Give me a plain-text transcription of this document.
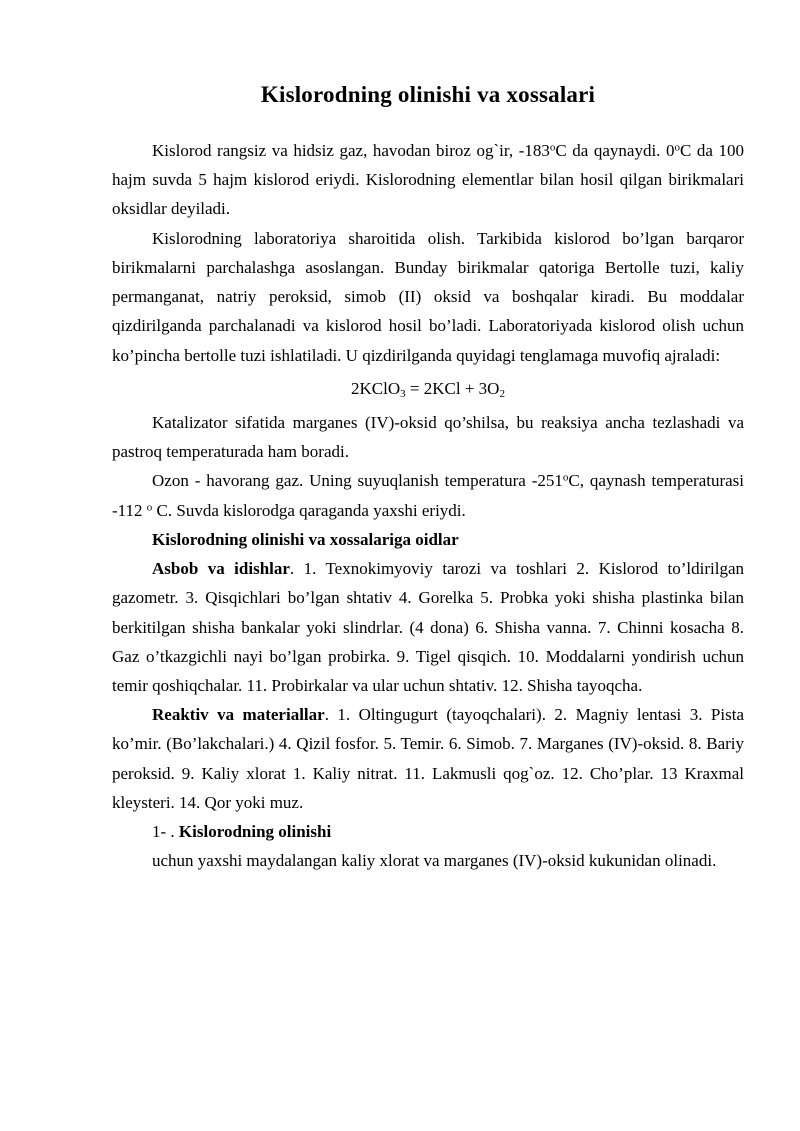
Kislorodning olinishi va xossalari

Kislorod rangsiz va hidsiz gaz, havodan biroz og`ir, -183$^o$C da qaynaydi. 0$^o$C da 100 hajm suvda 5 hajm kislorod eriydi. Kislorodning elementlar bilan hosil qilgan birikmalari oksidlar deyiladi.

Kislorodning laboratoriya sharoitida olish. Tarkibida kislorod bo’lgan barqaror birikmalarni parchalashga asoslangan. Bunday birikmalar qatoriga Bertolle tuzi, kaliy permanganat, natriy peroksid, simob (II) oksid va boshqalar kiradi. Bu moddalar qizdirilganda parchalanadi va kislorod hosil bo’ladi. Laboratoriyada kislorod olish uchun ko’pincha bertolle tuzi ishlatiladi. U qizdirilganda quyidagi tenglamaga muvofiq ajraladi:

2KClO$_3$ = $2KCl + 3O_2$

Katalizator sifatida marganes (IV)-oksid qo’shilsa, bu reaksiya ancha tezlashadi va pastroq temperaturada ham boradi.

Ozon - havorang gaz. Uning suyuqlanish temperatura -251$^o$C, qaynash temperaturasi -112 $^o$ C. Suvda kislorodga qaraganda yaxshi eriydi.

Kislorodning olinishi va xossalariga oidlar

Asbob va idishlar. 1. Texnokimyoviy tarozi va toshlari 2. Kislorod to’ldirilgan gazometr. 3. Qisqichlari bo’lgan shtativ 4. Gorelka 5. Probka yoki shisha plastinka bilan berkitilgan shisha bankalar yoki slindrlar. (4 dona) 6. Shisha vanna. 7. Chinni kosacha 8. Gaz o’tkazgichli nayi bo’lgan probirka. 9. Tigel qisqich. 10. Moddalarni yondirish uchun temir qoshiqchalar. 11. Probirkalar va ular uchun shtativ. 12. Shisha tayoqcha.

Reaktiv va materiallar. 1. Oltingugurt (tayoqchalari). 2. Magniy lentasi 3. Pista ko’mir. (Bo’lakchalari.) 4. Qizil fosfor. 5. Temir. 6. Simob. 7. Marganes (IV)-oksid. 8. Bariy peroksid. 9. Kaliy xlorat 1. Kaliy nitrat. 11. Lakmusli qog`oz. 12. Cho’plar. 13 Kraxmal kleysteri. 14. Qor yoki muz.

1- . Kislorodning olinishi

uchun yaxshi maydalangan kaliy xlorat va marganes (IV)-oksid kukunidan olinadi.
